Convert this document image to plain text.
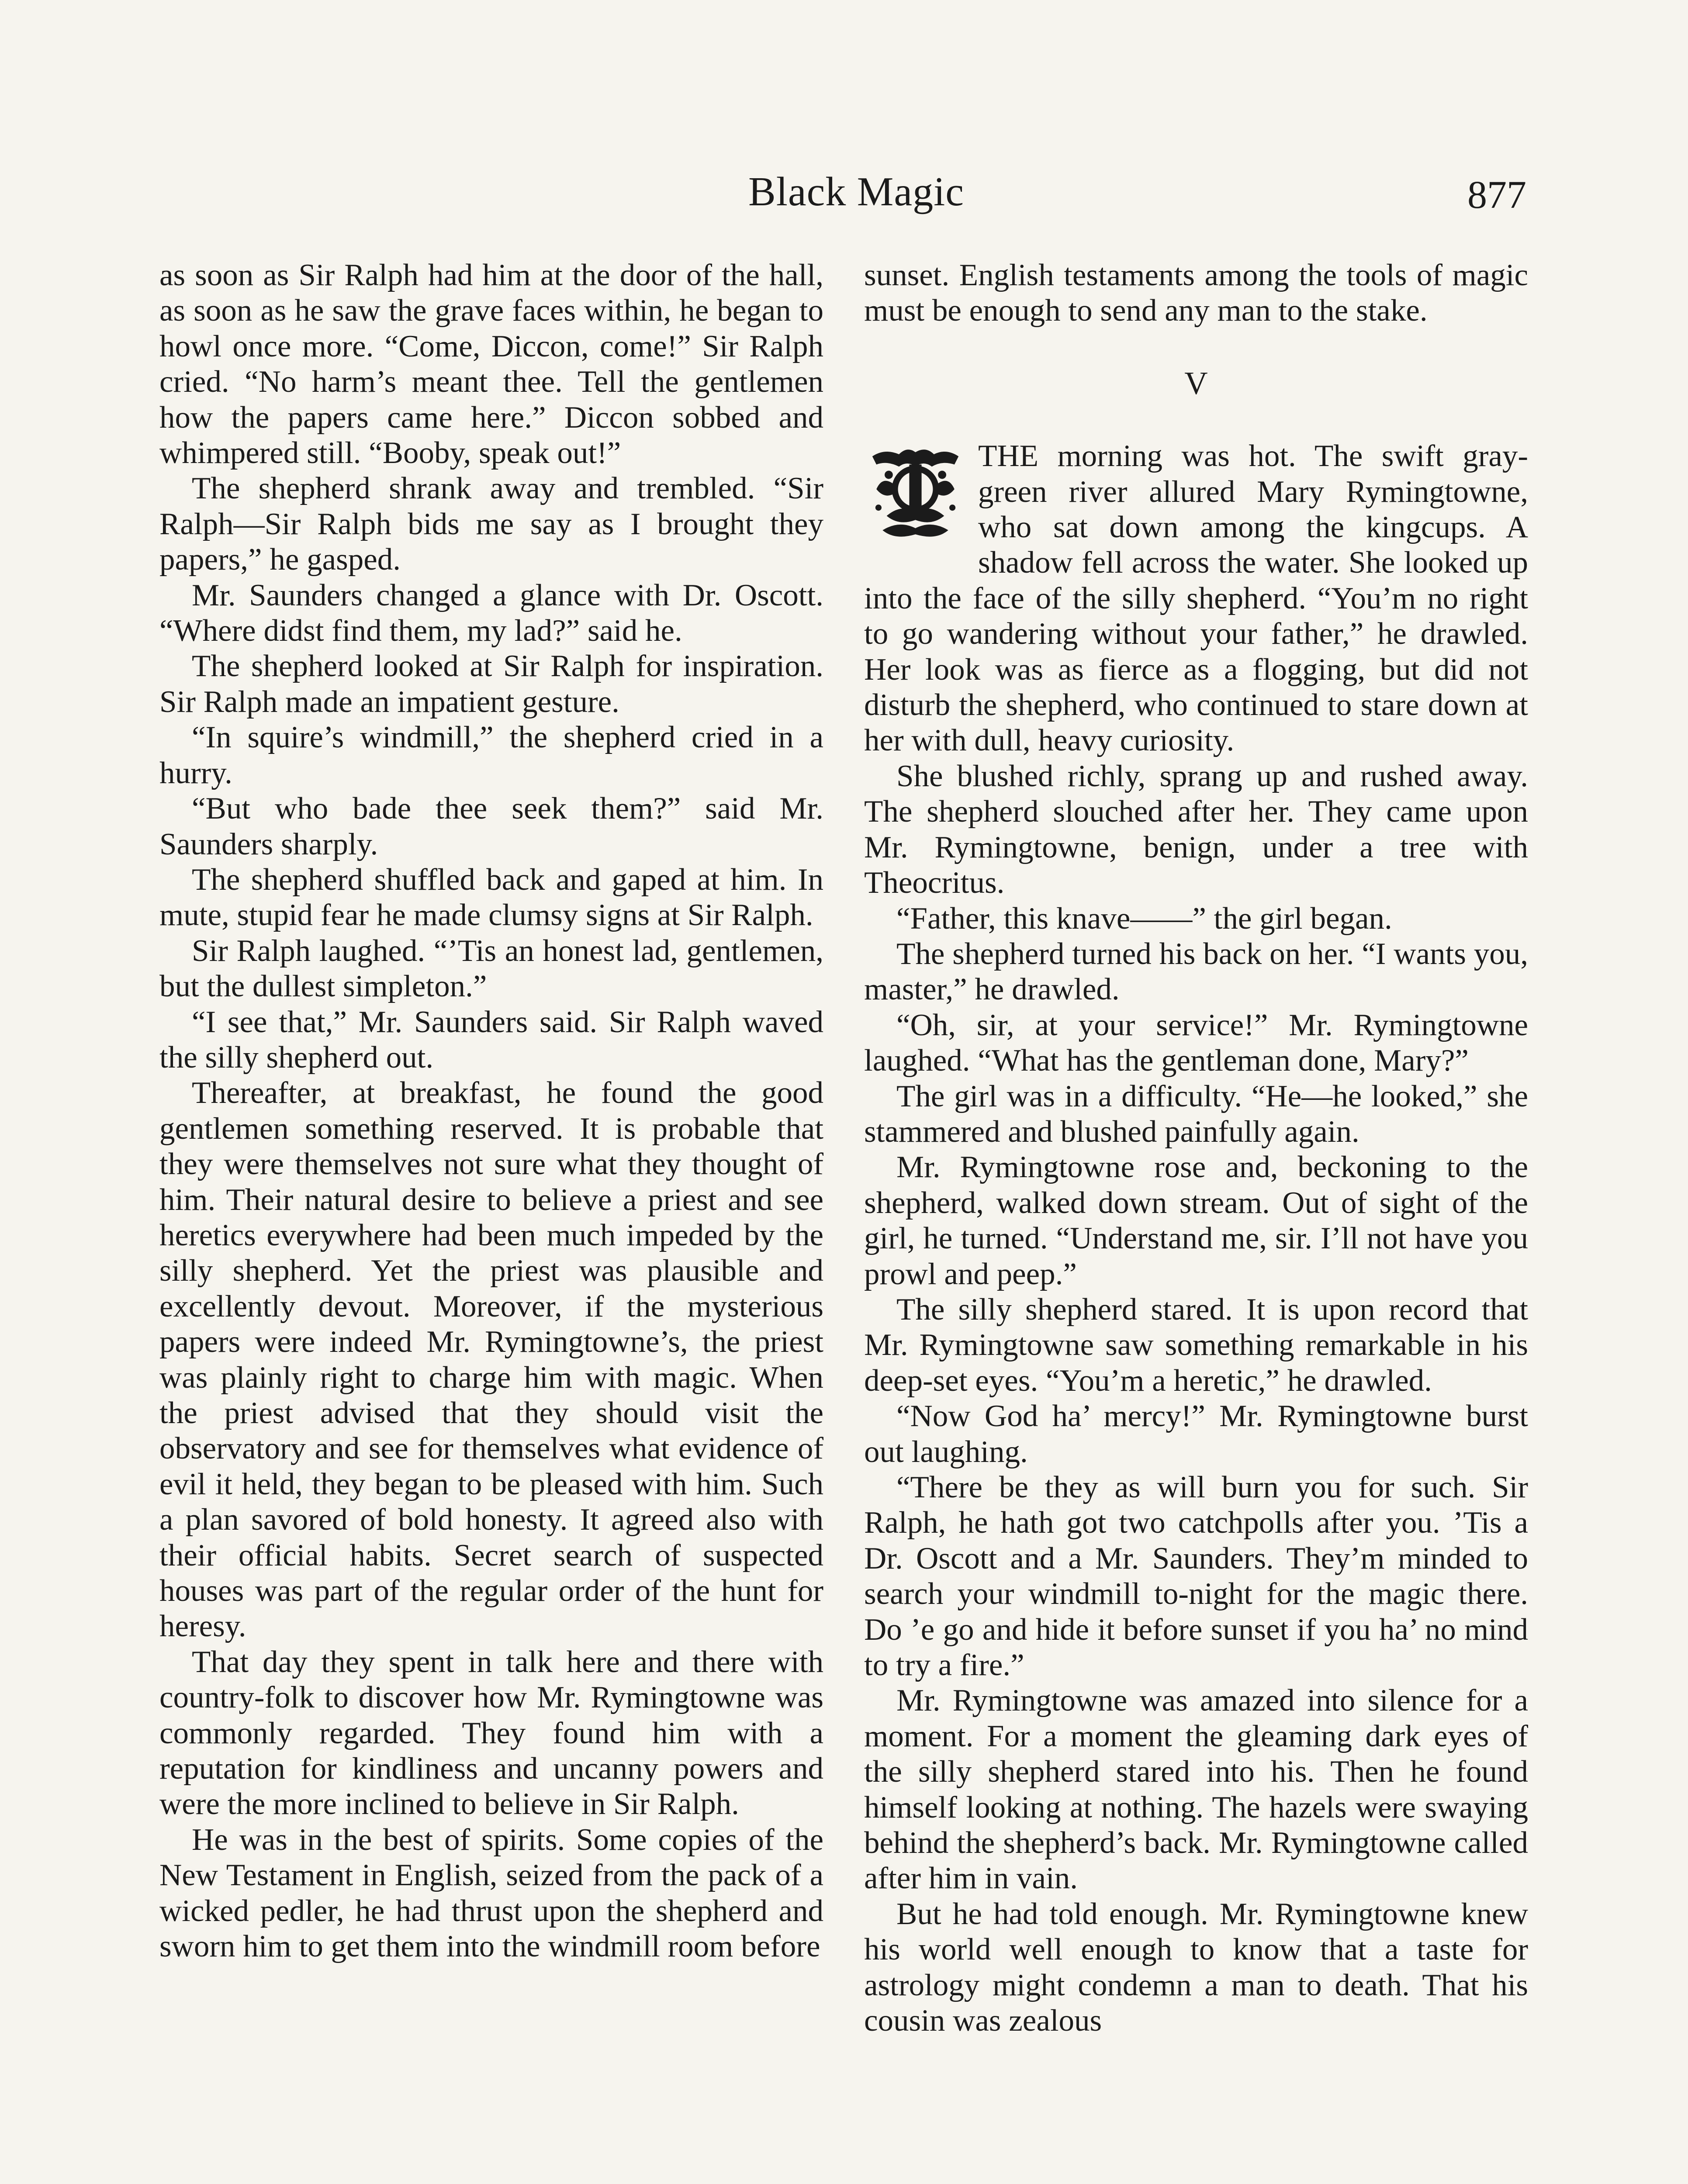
Black Magic	877

as soon as Sir Ralph had him at the door of the hall, as soon as he saw the grave faces within, he began to howl once more. “Come, Diccon, come!” Sir Ralph cried. “No harm’s meant thee. Tell the gentlemen how the papers came here.” Diccon sobbed and whimpered still. “Booby, speak out!”

The shepherd shrank away and trembled. “Sir Ralph—Sir Ralph bids me say as I brought they papers,” he gasped.

Mr. Saunders changed a glance with Dr. Oscott. “Where didst find them, my lad?” said he.

The shepherd looked at Sir Ralph for inspiration. Sir Ralph made an impatient gesture.

“In squire’s windmill,” the shepherd cried in a hurry.

“But who bade thee seek them?” said Mr. Saunders sharply.

The shepherd shuffled back and gaped at him. In mute, stupid fear he made clumsy signs at Sir Ralph.

Sir Ralph laughed. “’Tis an honest lad, gentlemen, but the dullest simpleton.”

“I see that,” Mr. Saunders said. Sir Ralph waved the silly shepherd out.

Thereafter, at breakfast, he found the good gentlemen something reserved. It is probable that they were themselves not sure what they thought of him. Their natural desire to believe a priest and see heretics everywhere had been much impeded by the silly shepherd. Yet the priest was plausible and excellently devout. Moreover, if the mysterious papers were indeed Mr. Rymingtowne’s, the priest was plainly right to charge him with magic. When the priest advised that they should visit the observatory and see for themselves what evidence of evil it held, they began to be pleased with him. Such a plan savored of bold honesty. It agreed also with their official habits. Secret search of suspected houses was part of the regular order of the hunt for heresy.

That day they spent in talk here and there with country-folk to discover how Mr. Rymingtowne was commonly regarded. They found him with a reputation for kindliness and uncanny powers and were the more inclined to believe in Sir Ralph.

He was in the best of spirits. Some copies of the New Testament in English, seized from the pack of a wicked pedler, he had thrust upon the shepherd and sworn him to get them into the windmill room before

sunset. English testaments among the tools of magic must be enough to send any man to the stake.

V

THE morning was hot. The swift gray-green river allured Mary Rymingtowne, who sat down among the kingcups. A shadow fell across the water. She looked up into the face of the silly shepherd. “You’m no right to go wandering without your father,” he drawled. Her look was as fierce as a flogging, but did not disturb the shepherd, who continued to stare down at her with dull, heavy curiosity.

She blushed richly, sprang up and rushed away. The shepherd slouched after her. They came upon Mr. Rymingtowne, benign, under a tree with Theocritus.

“Father, this knave——” the girl began.

The shepherd turned his back on her. “I wants you, master,” he drawled.

“Oh, sir, at your service!” Mr. Rymingtowne laughed. “What has the gentleman done, Mary?”

The girl was in a difficulty. “He—he looked,” she stammered and blushed painfully again.

Mr. Rymingtowne rose and, beckoning to the shepherd, walked down stream. Out of sight of the girl, he turned. “Understand me, sir. I’ll not have you prowl and peep.”

The silly shepherd stared. It is upon record that Mr. Rymingtowne saw something remarkable in his deep-set eyes. “You’m a heretic,” he drawled.

“Now God ha’ mercy!” Mr. Rymingtowne burst out laughing.

“There be they as will burn you for such. Sir Ralph, he hath got two catchpolls after you. ’Tis a Dr. Oscott and a Mr. Saunders. They’m minded to search your windmill to-night for the magic there. Do ’e go and hide it before sunset if you ha’ no mind to try a fire.”

Mr. Rymingtowne was amazed into silence for a moment. For a moment the gleaming dark eyes of the silly shepherd stared into his. Then he found himself looking at nothing. The hazels were swaying behind the shepherd’s back. Mr. Rymingtowne called after him in vain.

But he had told enough. Mr. Rymingtowne knew his world well enough to know that a taste for astrology might condemn a man to death. That his cousin was zealous
